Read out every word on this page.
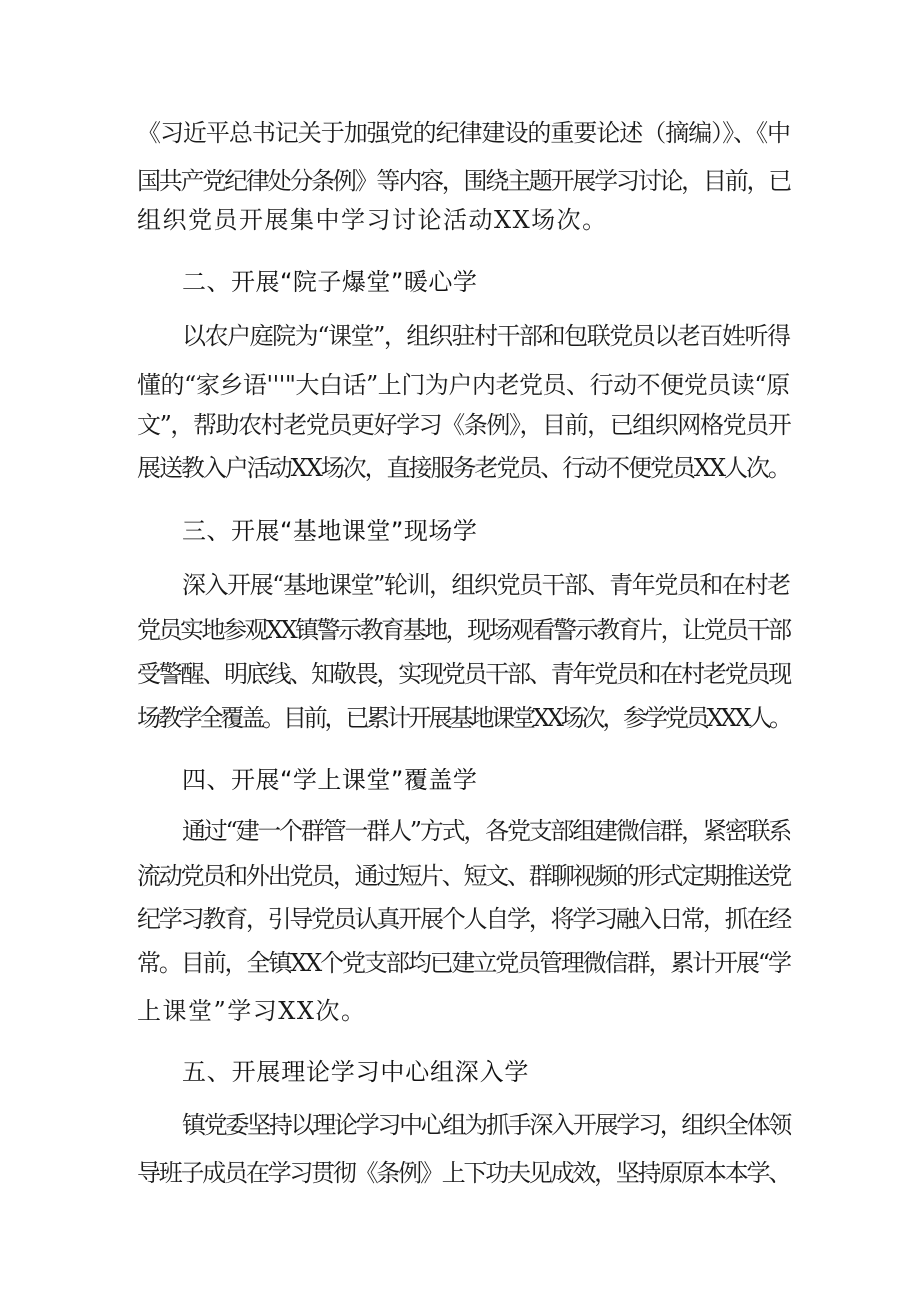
《习近平总书记关于加强党的纪律建设的重要论述（摘编）》、《中
国共产党纪律处分条例》等内容，围绕主题开展学习讨论，目前，已
组织党员开展集中学习讨论活动XX场次。
二、开展“院子爆堂”暖心学
以农户庭院为“课堂”，组织驻村干部和包联党员以老百姓听得
懂的“家乡语'''"大白话”上门为户内老党员、行动不便党员读“原
文”，帮助农村老党员更好学习《条例》，目前，已组织网格党员开
展送教入户活动XX场次，直接服务老党员、行动不便党员XX人次。
三、开展“基地课堂”现场学
深入开展“基地课堂”轮训，组织党员干部、青年党员和在村老
党员实地参观XX镇警示教育基地，现场观看警示教育片，让党员干部
受警醒、明底线、知敬畏，实现党员干部、青年党员和在村老党员现
场教学全覆盖。目前，已累计开展基地课堂XX场次，参学党员XXX人。
四、开展“学上课堂”覆盖学
通过“建一个群管一群人”方式，各党支部组建微信群，紧密联系
流动党员和外出党员，通过短片、短文、群聊视频的形式定期推送党
纪学习教育，引导党员认真开展个人自学，将学习融入日常，抓在经
常。目前，全镇XX个党支部均已建立党员管理微信群，累计开展“学
上课堂”学习XX次。
五、开展理论学习中心组深入学
镇党委坚持以理论学习中心组为抓手深入开展学习，组织全体领
导班子成员在学习贯彻《条例》上下功夫见成效，坚持原原本本学、
